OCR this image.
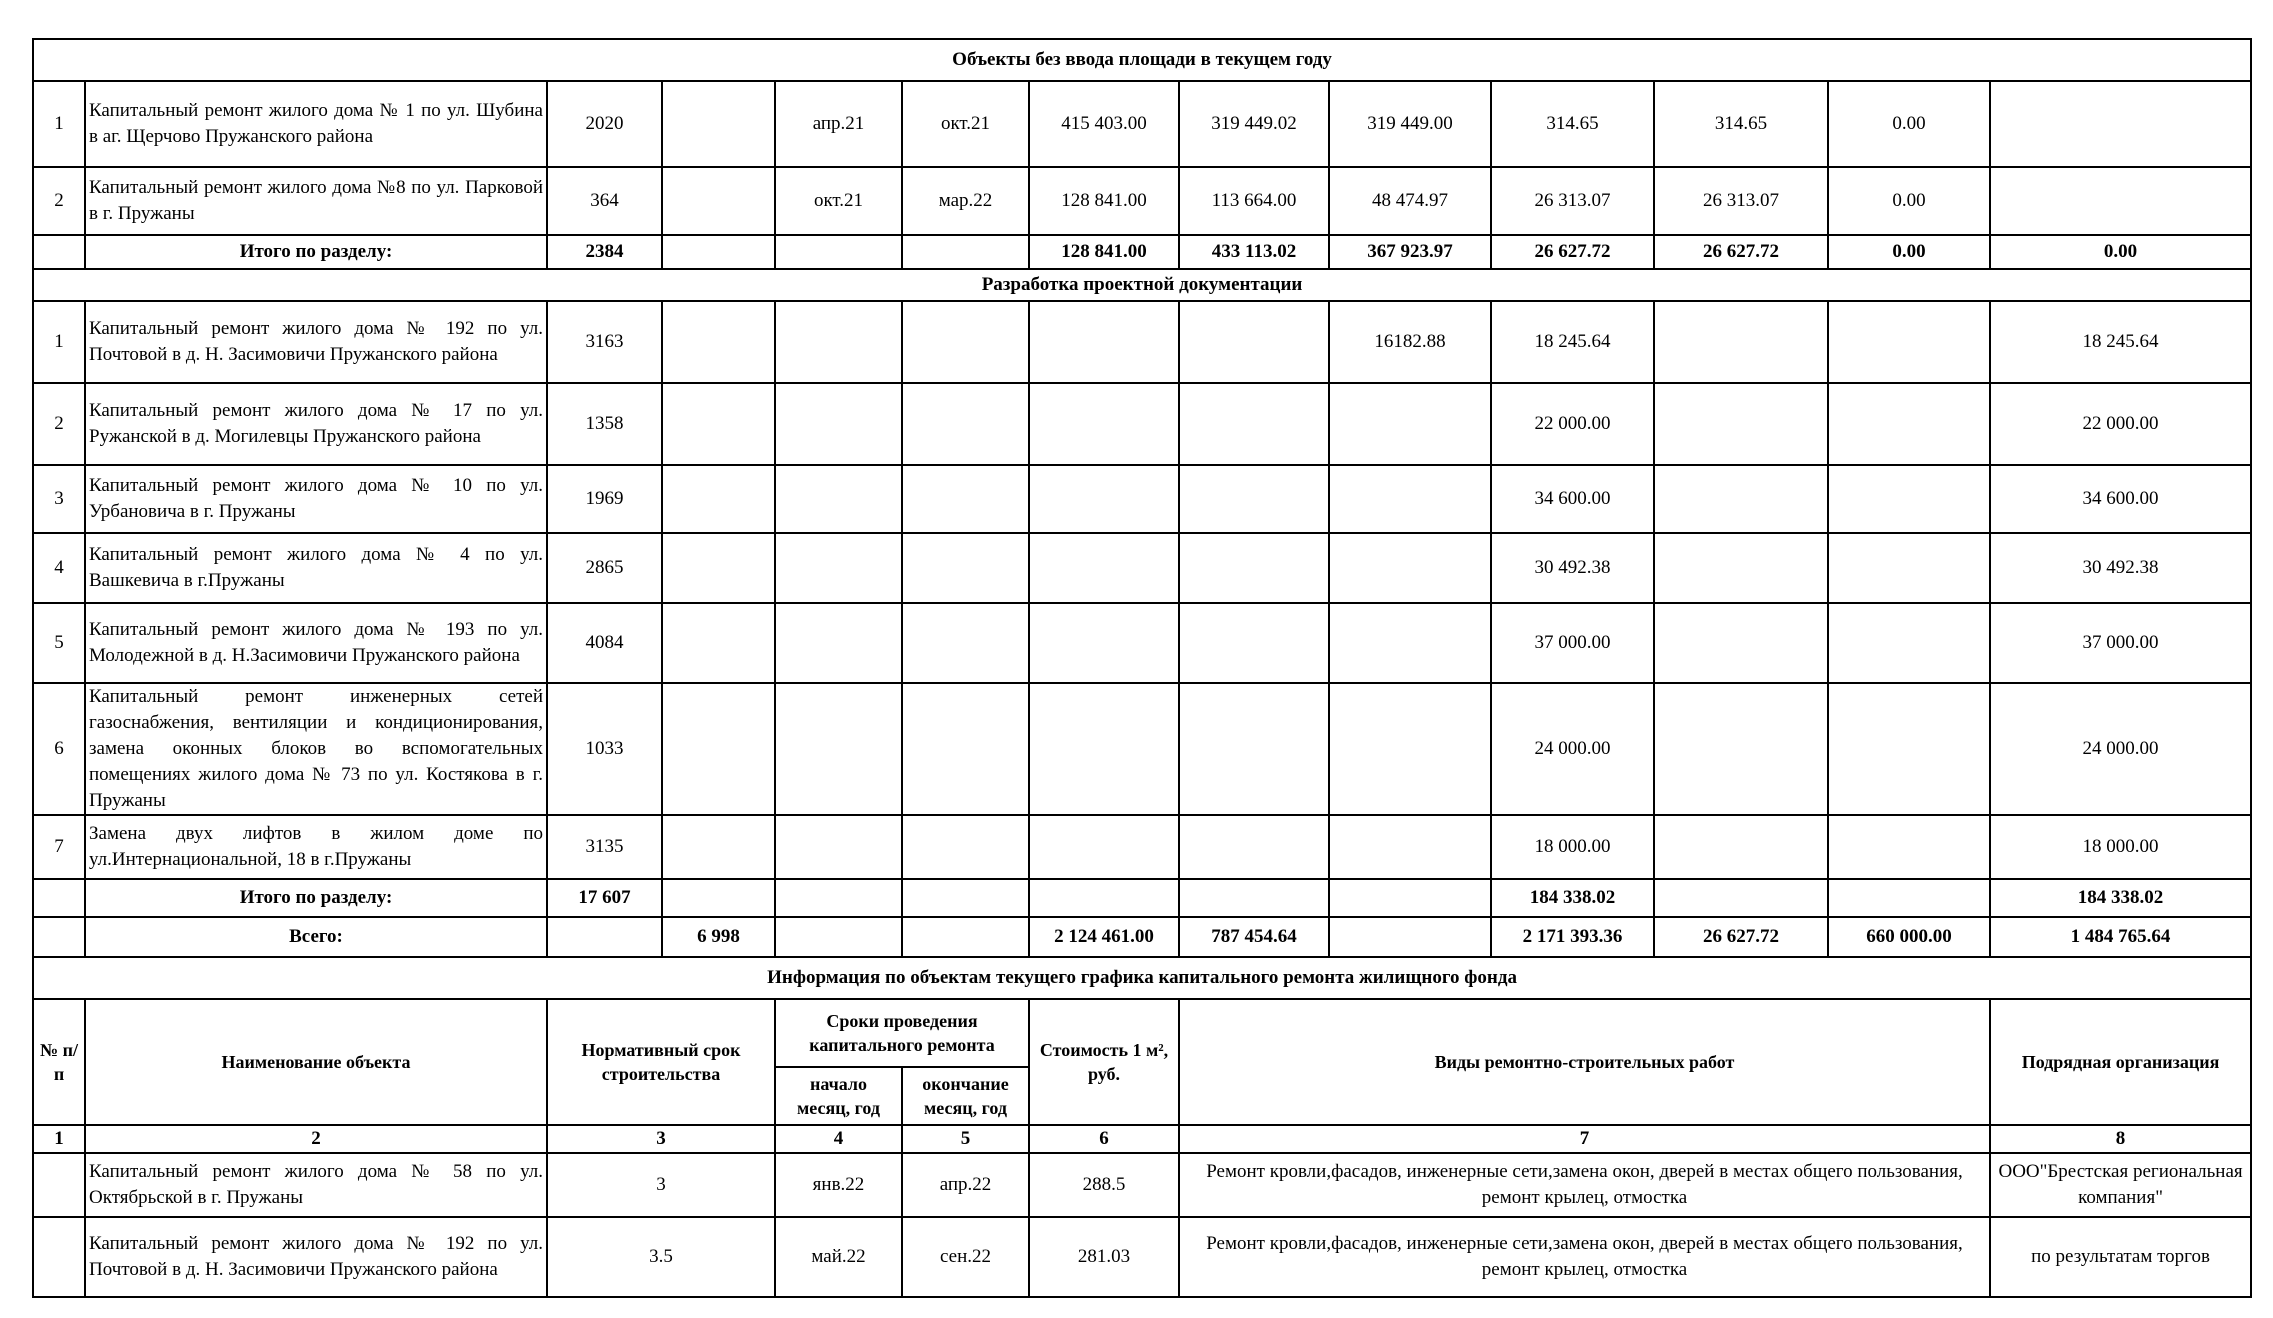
Объекты без ввода площади в текущем году												
1	Капитальный ремонт жилого дома № 1 по ул. Шубина в аг. Щерчово Пружанского района	2020		апр.21	окт.21	415 403.00	319 449.02	319 449.00	314.65	314.65	0.00	
2	Капитальный ремонт жилого дома №8 по ул. Парковой в г. Пружаны	364		окт.21	мар.22	128 841.00	113 664.00	48 474.97	26 313.07	26 313.07	0.00	
	Итого по разделу:	2384				128 841.00	433 113.02	367 923.97	26 627.72	26 627.72	0.00	0.00
Разработка проектной документации												
1	Капитальный ремонт жилого дома № 192 по ул. Почтовой в д. Н. Засимовичи Пружанского района	3163						16182.88	18 245.64			18 245.64
2	Капитальный ремонт жилого дома № 17 по ул. Ружанской в д. Могилевцы Пружанского района	1358							22 000.00			22 000.00
3	Капитальный ремонт жилого дома № 10 по ул. Урбановича в г. Пружаны	1969							34 600.00			34 600.00
4	Капитальный ремонт жилого дома № 4 по ул. Вашкевича в г.Пружаны	2865							30 492.38			30 492.38
5	Капитальный ремонт жилого дома № 193 по ул. Молодежной в д. Н.Засимовичи Пружанского района	4084							37 000.00			37 000.00
6	Капитальный ремонт инженерных сетей газоснабжения, вентиляции и кондиционирования, замена оконных блоков во вспомогательных помещениях жилого дома № 73 по ул. Костякова в г. Пружаны	1033							24 000.00			24 000.00
7	Замена двух лифтов в жилом доме по ул.Интернациональной, 18 в г.Пружаны	3135							18 000.00			18 000.00
	Итого по разделу:	17 607							184 338.02			184 338.02
	Всего:		6 998			2 124 461.00	787 454.64		2 171 393.36	26 627.72	660 000.00	1 484 765.64
Информация по объектам текущего графика капитального ремонта жилищного фонда												
№ п/п	Наименование объекта	Нормативный срок строительства		Сроки проведения капитального ремонта		Стоимость 1 м², руб.	Виды ремонтно-строительных работ					Подрядная организация
				начало месяц, год	окончание месяц, год							
1	2	3		4	5	6	7					8
	Капитальный ремонт жилого дома № 58 по ул. Октябрьской в г. Пружаны	3		янв.22	апр.22	288.5	Ремонт кровли,фасадов, инженерные сети,замена окон, дверей в местах общего пользования, ремонт крылец, отмостка					ООО"Брестская региональная компания"
	Капитальный ремонт жилого дома № 192 по ул. Почтовой в д. Н. Засимовичи Пружанского района	3.5		май.22	сен.22	281.03	Ремонт кровли,фасадов, инженерные сети,замена окон, дверей в местах общего пользования, ремонт крылец, отмостка					по результатам торгов
